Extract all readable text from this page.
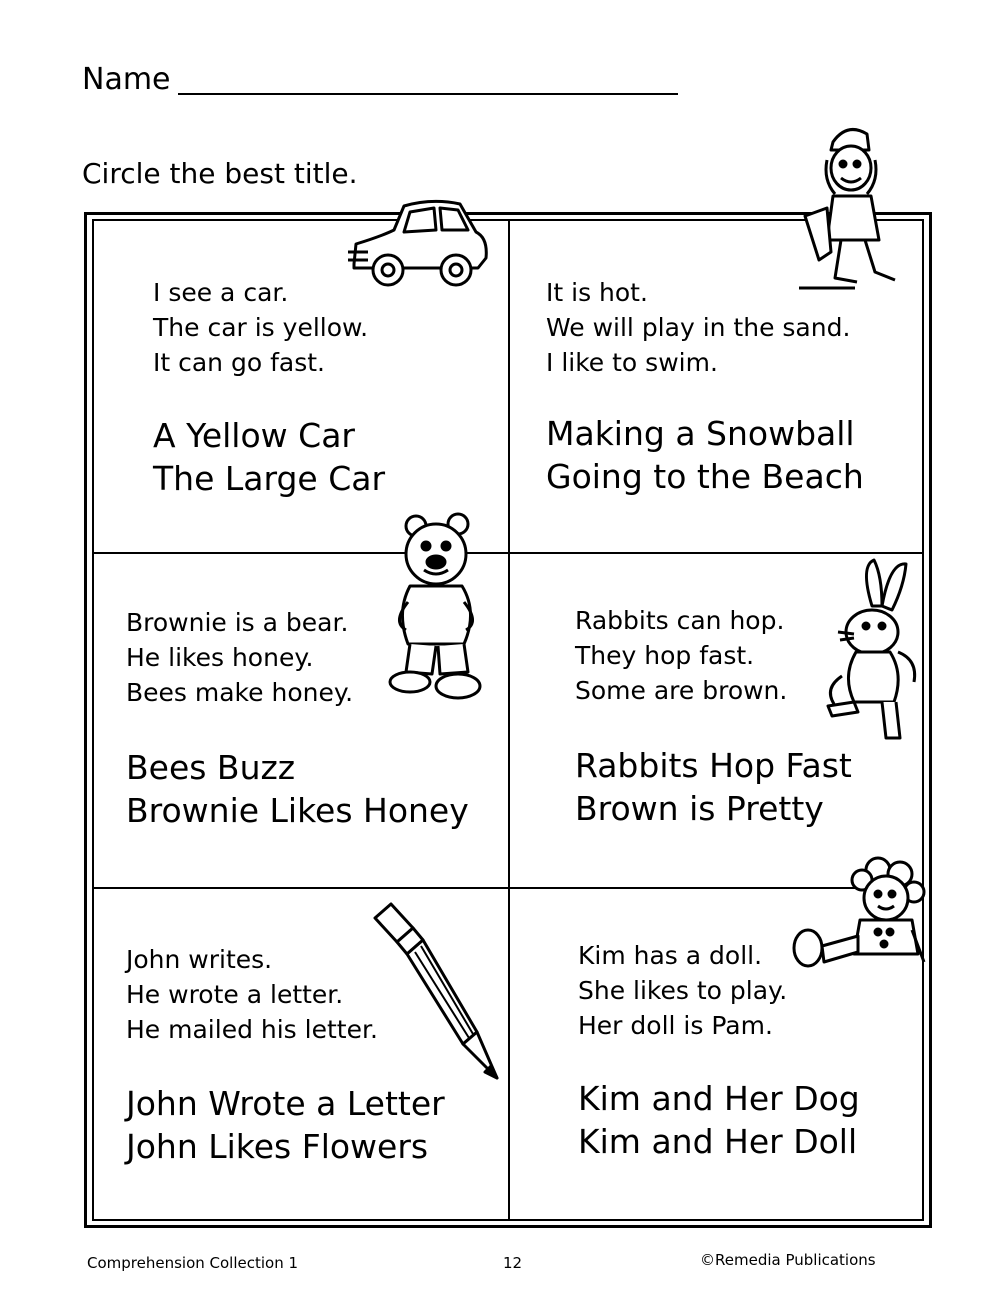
Name
Circle the best title.
I see a car.
The car is yellow.
It can go fast.
A Yellow Car
The Large Car
It is hot.
We will play in the sand.
I like to swim.
Making a Snowball
Going to the Beach
Brownie is a bear.
He likes honey.
Bees make honey.
Bees Buzz
Brownie Likes Honey
Rabbits can hop.
They hop fast.
Some are brown.
Rabbits Hop Fast
Brown is Pretty
John writes.
He wrote a letter.
He mailed his letter.
John Wrote a Letter
John Likes Flowers
Kim has a doll.
She likes to play.
Her doll is Pam.
Kim and Her Dog
Kim and Her Doll
Comprehension Collection 1	12	©Remedia Publications
